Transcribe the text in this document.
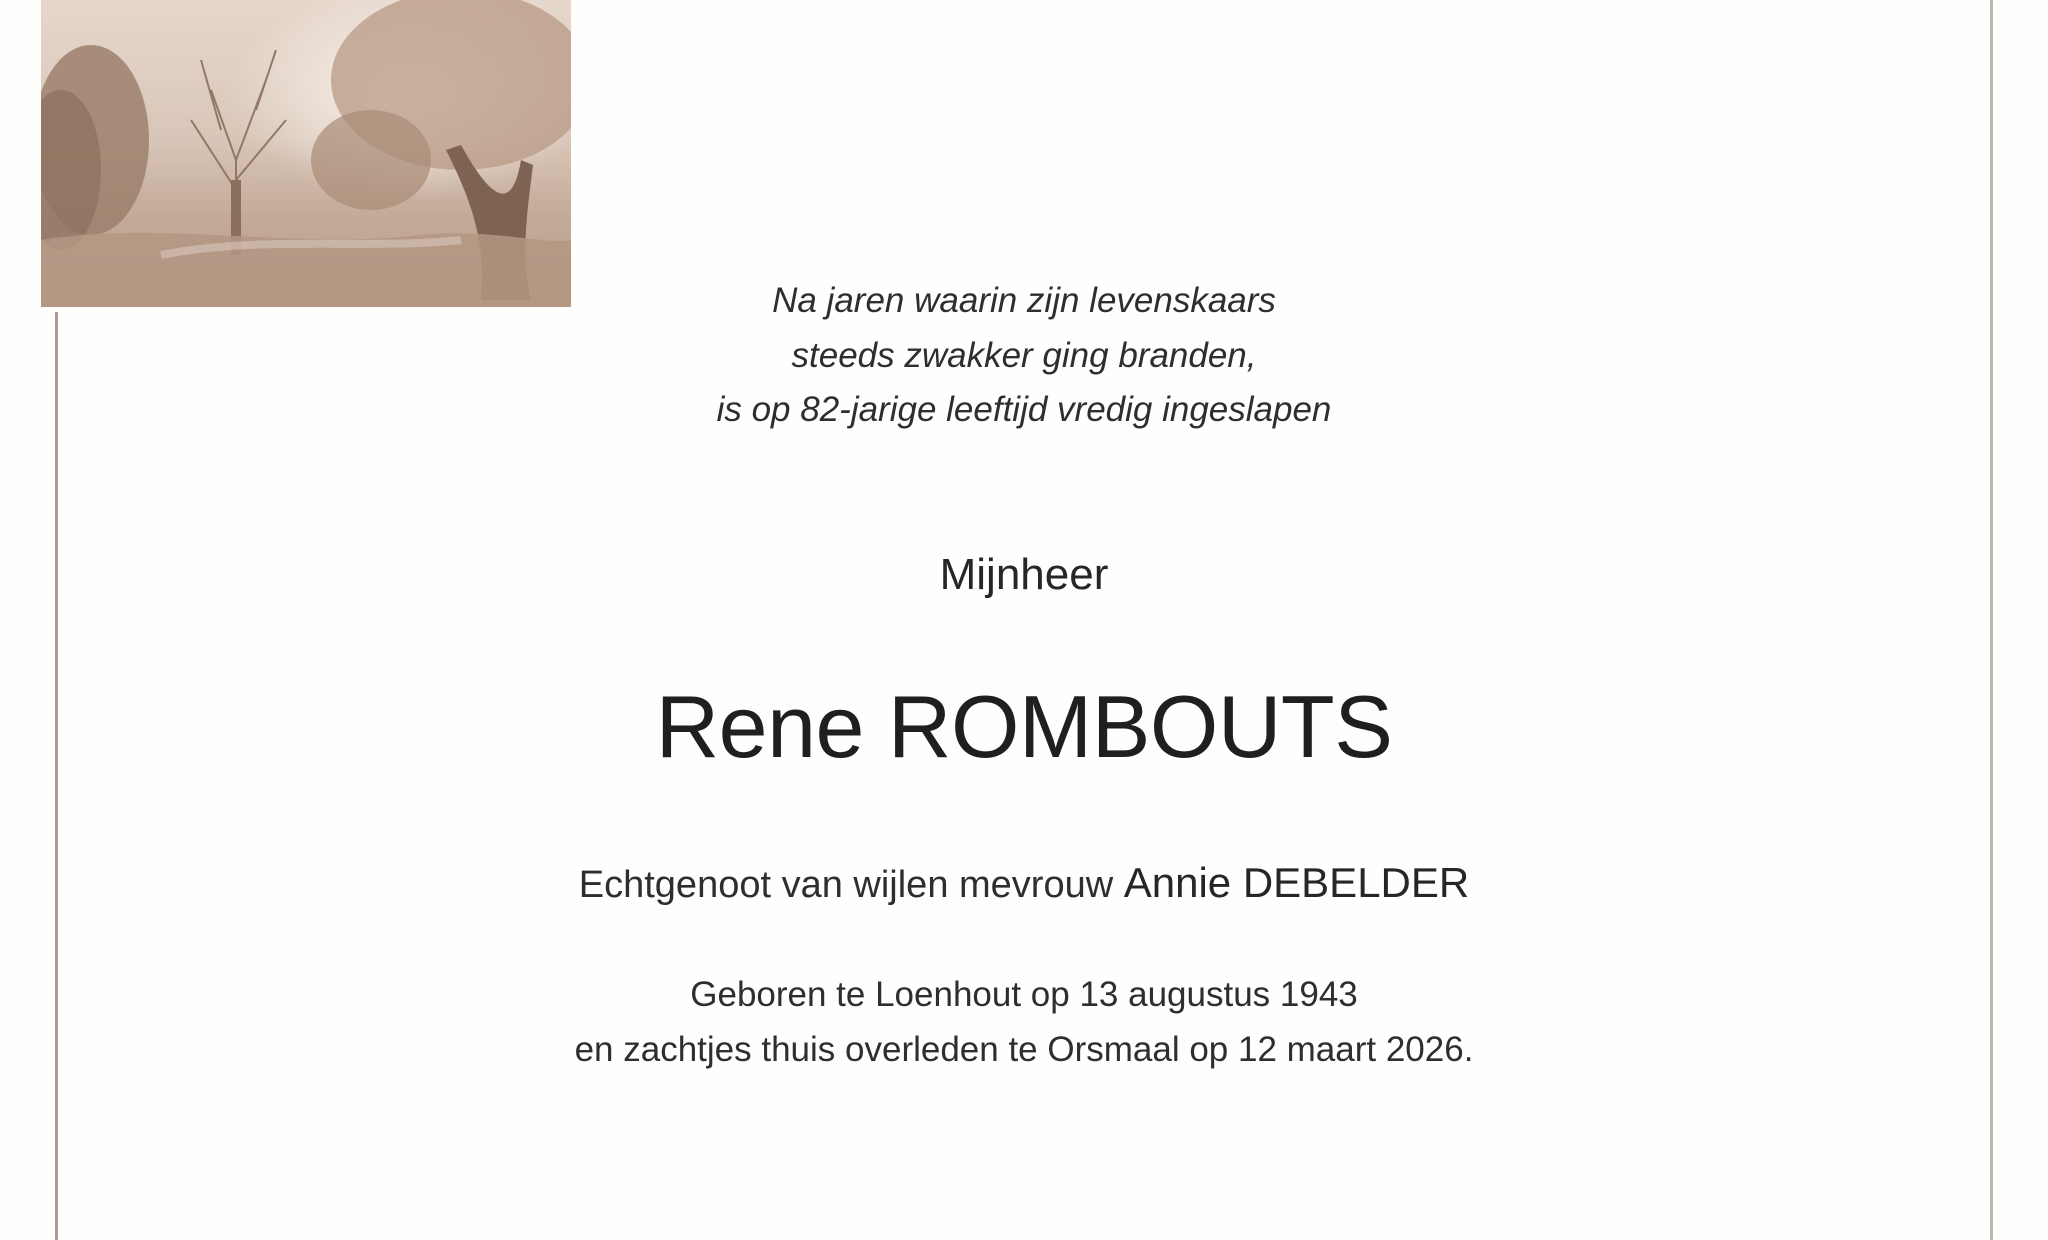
Na jaren waarin zijn levenskaars
steeds zwakker ging branden,
is op 82-jarige leeftijd vredig ingeslapen
Mijnheer
Rene ROMBOUTS
Echtgenoot van wijlen mevrouw Annie DEBELDER
Geboren te Loenhout op 13 augustus 1943
en zachtjes thuis overleden te Orsmaal op 12 maart 2026.
